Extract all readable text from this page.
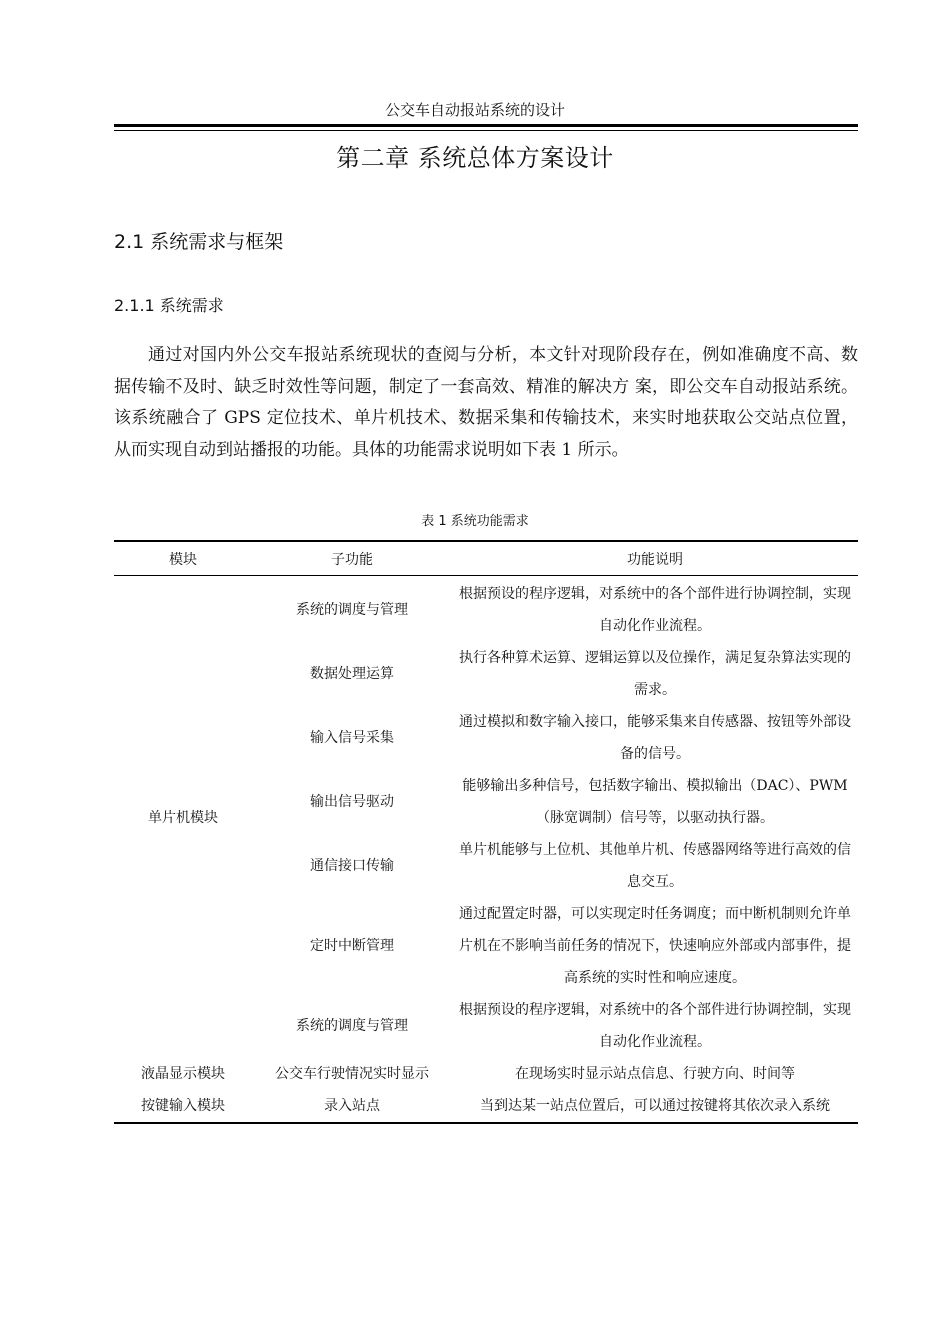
公交车自动报站系统的设计
第二章 系统总体方案设计
2.1 系统需求与框架
2.1.1 系统需求

通过对国内外公交车报站系统现状的查阅与分析，本文针对现阶段存在，例如准确度不高、数据传输不及时、缺乏时效性等问题，制定了一套高效、精准的解决方 案，即公交车自动报站系统。该系统融合了 GPS 定位技术、单片机技术、数据采集和传输技术，来实时地获取公交站点位置，从而实现自动到站播报的功能。具体的功能需求说明如下表 1 所示。

表 1 系统功能需求
模块	子功能	功能说明
单片机模块	系统的调度与管理	根据预设的程序逻辑，对系统中的各个部件进行协调控制，实现自动化作业流程。
	数据处理运算	执行各种算术运算、逻辑运算以及位操作，满足复杂算法实现的需求。
	输入信号采集	通过模拟和数字输入接口，能够采集来自传感器、按钮等外部设备的信号。
	输出信号驱动	能够输出多种信号，包括数字输出、模拟输出（DAC）、PWM（脉宽调制）信号等，以驱动执行器。
	通信接口传输	单片机能够与上位机、其他单片机、传感器网络等进行高效的信息交互。
	定时中断管理	通过配置定时器，可以实现定时任务调度；而中断机制则允许单片机在不影响当前任务的情况下，快速响应外部或内部事件，提高系统的实时性和响应速度。
	系统的调度与管理	根据预设的程序逻辑，对系统中的各个部件进行协调控制，实现自动化作业流程。
液晶显示模块	公交车行驶情况实时显示	在现场实时显示站点信息、行驶方向、时间等
按键输入模块	录入站点	当到达某一站点位置后，可以通过按键将其依次录入系统
